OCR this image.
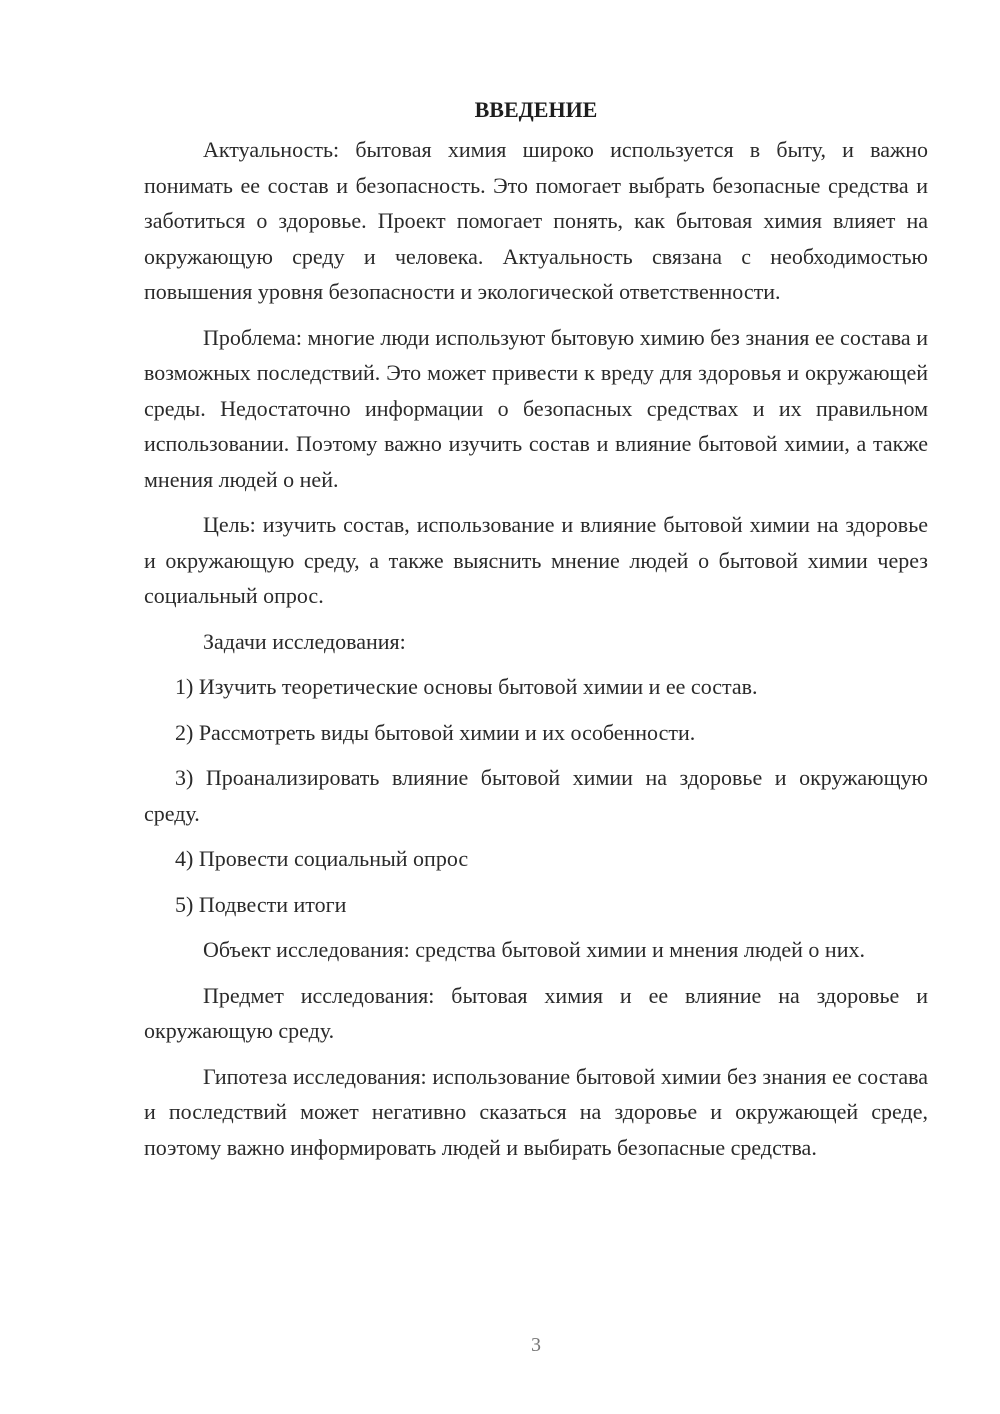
ВВЕДЕНИЕ

Актуальность: бытовая химия широко используется в быту, и важно понимать ее состав и безопасность. Это помогает выбрать безопасные средства и заботиться о здоровье. Проект помогает понять, как бытовая химия влияет на окружающую среду и человека. Актуальность связана с необходимостью повышения уровня безопасности и экологической ответственности.

Проблема: многие люди используют бытовую химию без знания ее состава и возможных последствий. Это может привести к вреду для здоровья и окружающей среды. Недостаточно информации о безопасных средствах и их правильном использовании. Поэтому важно изучить состав и влияние бытовой химии, а также мнения людей о ней.

Цель: изучить состав, использование и влияние бытовой химии на здоровье и окружающую среду, а также выяснить мнение людей о бытовой химии через социальный опрос.

Задачи исследования:

1) Изучить теоретические основы бытовой химии и ее состав.

2) Рассмотреть виды бытовой химии и их особенности.

3) Проанализировать влияние бытовой химии на здоровье и окружающую среду.

4) Провести социальный опрос

5) Подвести итоги

Объект исследования: средства бытовой химии и мнения людей о них.

Предмет исследования: бытовая химия и ее влияние на здоровье и окружающую среду.

Гипотеза исследования: использование бытовой химии без знания ее состава и последствий может негативно сказаться на здоровье и окружающей среде, поэтому важно информировать людей и выбирать безопасные средства.

3
